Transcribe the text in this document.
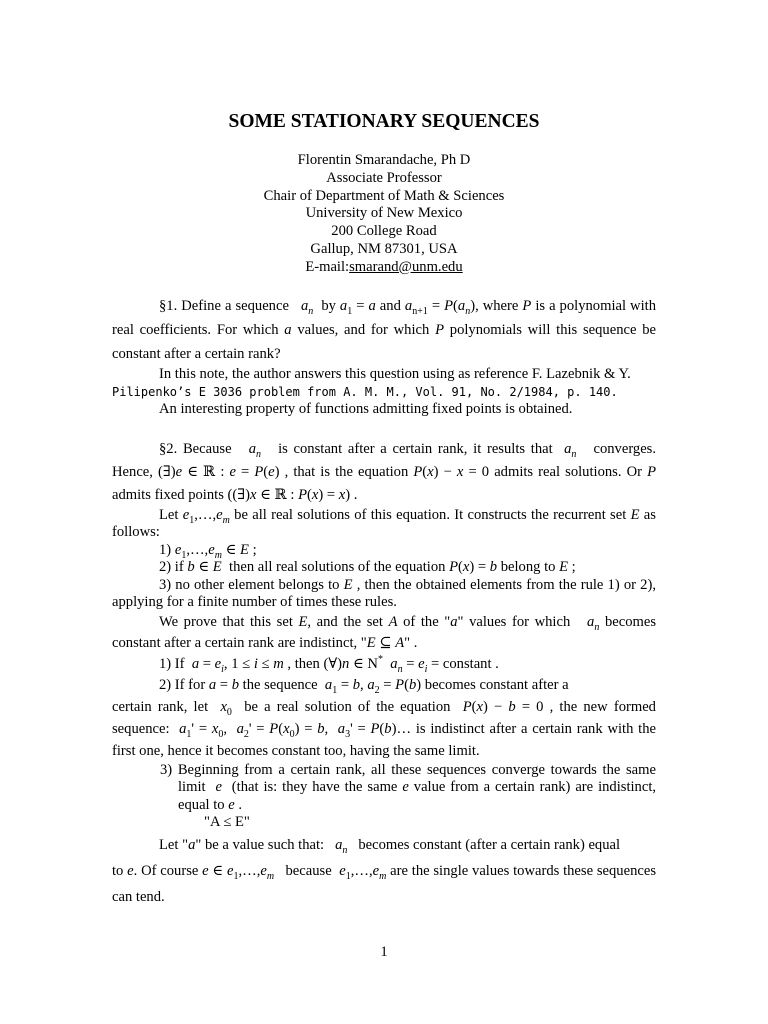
SOME STATIONARY SEQUENCES
Florentin Smarandache, Ph D
Associate Professor
Chair of Department of Math & Sciences
University of New Mexico
200 College Road
Gallup, NM 87301, USA
E-mail:smarand@unm.edu

§1. Define a sequence $a_n$ by $a_1 = a$ and $a_{n+1} = P(a_n)$, where P is a polynomial with real coefficients. For which a values, and for which P polynomials will this sequence be constant after a certain rank?

In this note, the author answers this question using as reference F. Lazebnik & Y.

Pilipenko’s E 3036 problem from A. M. M., Vol. 91, No. 2/1984, p. 140.

An interesting property of functions admitting fixed points is obtained.

§2. Because $a_n$ is constant after a certain rank, it results that $a_n$ converges. Hence, (∃)e ∈ ℝ : e = P(e) , that is the equation P(x) − x = 0 admits real solutions. Or P admits fixed points ((∃)x ∈ ℝ : P(x) = x) .

Let $e_1,\dots,e_m$ be all real solutions of this equation. It constructs the recurrent set E as follows:

1) $e_1,\dots,e_m$ ∈ E ;

2) if b ∈ E then all real solutions of the equation P(x) = b belong to E ;

3) no other element belongs to E , then the obtained elements from the rule 1) or 2), applying for a finite number of times these rules.

We prove that this set E, and the set A of the "a" values for which $a_n$ becomes constant after a certain rank are indistinct, "E ⊆ A" .

1) If $a = e_i$, 1 ≤ i ≤ m , then (∀)n ∈ N* $a_n = e_i$ = constant .

2) If for a = b the sequence $a_1 = b$, $a_2 = P(b)$ becomes constant after a

certain rank, let $x_0$ be a real solution of the equation P(x) − b = 0 , the new formed sequence: $a_1' = x_0$,  $a_2' = P(x_0) = b$,  $a_3'$ = P(b)… is indistinct after a certain rank with the first one, hence it becomes constant too, having the same limit.

3) Beginning from a certain rank, all these sequences converge towards the same limit e (that is: they have the same e value from a certain rank) are indistinct, equal to e .

"A ≤ E"

Let "a" be a value such that: $a_n$ becomes constant (after a certain rank) equal

to e. Of course e ∈ $e_1,\dots,e_m$ because $e_1,\dots,e_m$ are the single values towards these sequences can tend.

1
